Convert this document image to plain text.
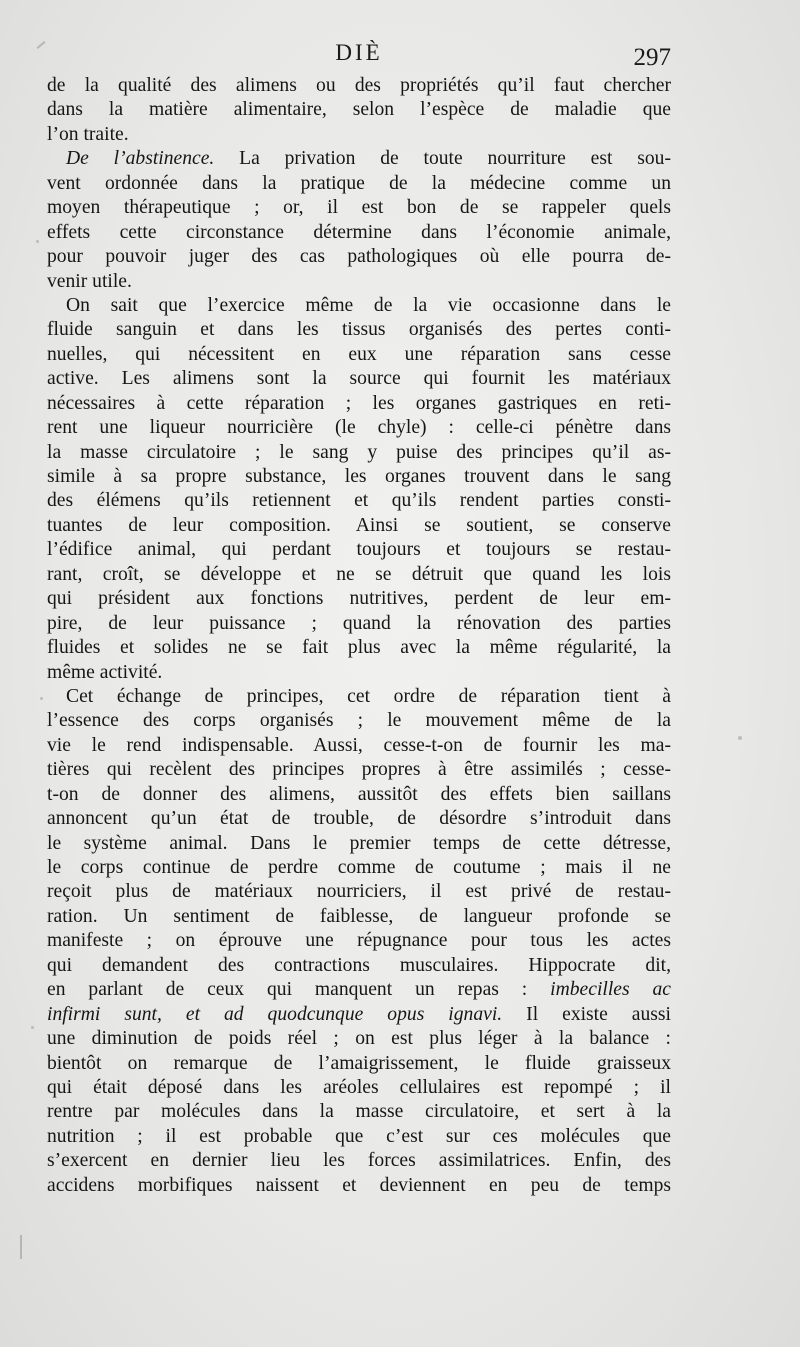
DIÈ	297
de la qualité des alimens ou des propriétés qu’il faut chercher
dans la matière alimentaire, selon l’espèce de maladie que
l’on traite.
De l’abstinence. La privation de toute nourriture est sou-
vent ordonnée dans la pratique de la médecine comme un
moyen thérapeutique ; or, il est bon de se rappeler quels
effets cette circonstance détermine dans l’économie animale,
pour pouvoir juger des cas pathologiques où elle pourra de-
venir utile.
On sait que l’exercice même de la vie occasionne dans le
fluide sanguin et dans les tissus organisés des pertes conti-
nuelles, qui nécessitent en eux une réparation sans cesse
active. Les alimens sont la source qui fournit les matériaux
nécessaires à cette réparation ; les organes gastriques en reti-
rent une liqueur nourricière (le chyle) : celle-ci pénètre dans
la masse circulatoire ; le sang y puise des principes qu’il as-
simile à sa propre substance, les organes trouvent dans le sang
des élémens qu’ils retiennent et qu’ils rendent parties consti-
tuantes de leur composition. Ainsi se soutient, se conserve
l’édifice animal, qui perdant toujours et toujours se restau-
rant, croît, se développe et ne se détruit que quand les lois
qui président aux fonctions nutritives, perdent de leur em-
pire, de leur puissance ; quand la rénovation des parties
fluides et solides ne se fait plus avec la même régularité, la
même activité.
Cet échange de principes, cet ordre de réparation tient à
l’essence des corps organisés ; le mouvement même de la
vie le rend indispensable. Aussi, cesse-t-on de fournir les ma-
tières qui recèlent des principes propres à être assimilés ; cesse-
t-on de donner des alimens, aussitôt des effets bien saillans
annoncent qu’un état de trouble, de désordre s’introduit dans
le système animal. Dans le premier temps de cette détresse,
le corps continue de perdre comme de coutume ; mais il ne
reçoit plus de matériaux nourriciers, il est privé de restau-
ration. Un sentiment de faiblesse, de langueur profonde se
manifeste ; on éprouve une répugnance pour tous les actes
qui demandent des contractions musculaires. Hippocrate dit,
en parlant de ceux qui manquent un repas : imbecilles ac
infirmi sunt, et ad quodcunque opus ignavi. Il existe aussi
une diminution de poids réel ; on est plus léger à la balance :
bientôt on remarque de l’amaigrissement, le fluide graisseux
qui était déposé dans les aréoles cellulaires est repompé ; il
rentre par molécules dans la masse circulatoire, et sert à la
nutrition ; il est probable que c’est sur ces molécules que
s’exercent en dernier lieu les forces assimilatrices. Enfin, des
accidens morbifiques naissent et deviennent en peu de temps
